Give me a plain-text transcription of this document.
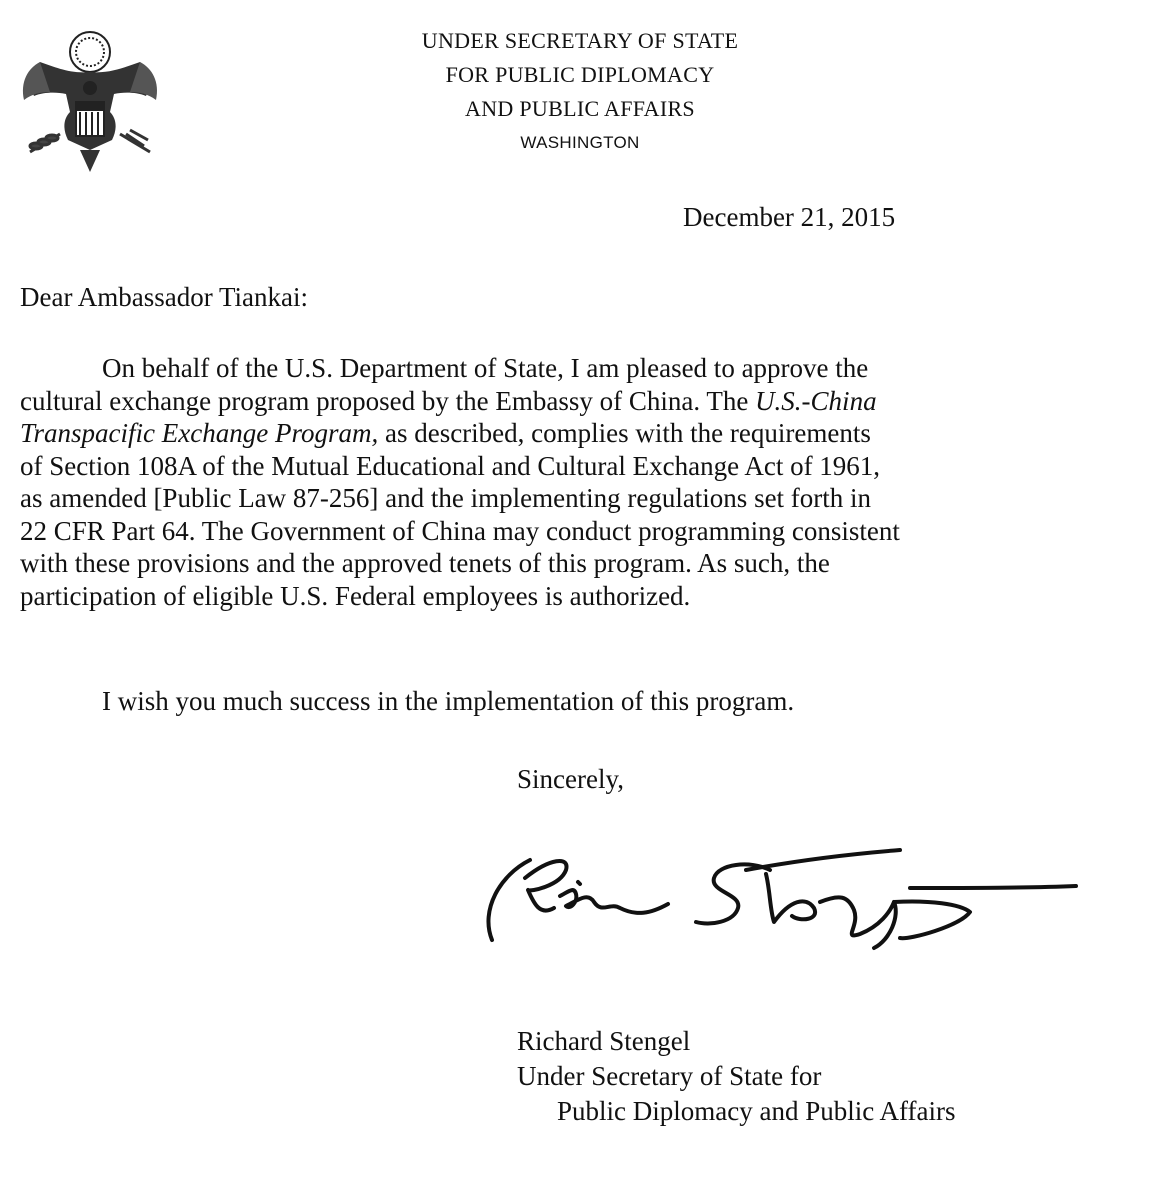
UNDER SECRETARY OF STATE
FOR PUBLIC DIPLOMACY
AND PUBLIC AFFAIRS
WASHINGTON
December 21, 2015
Dear Ambassador Tiankai:
On behalf of the U.S. Department of State, I am pleased to approve the
cultural exchange program proposed by the Embassy of China. The U.S.-China
Transpacific Exchange Program, as described, complies with the requirements
of Section 108A of the Mutual Educational and Cultural Exchange Act of 1961,
as amended [Public Law 87-256] and the implementing regulations set forth in
22 CFR Part 64. The Government of China may conduct programming consistent
with these provisions and the approved tenets of this program. As such, the
participation of eligible U.S. Federal employees is authorized.
I wish you much success in the implementation of this program.
Sincerely,
Richard Stengel
Under Secretary of State for
Public Diplomacy and Public Affairs
